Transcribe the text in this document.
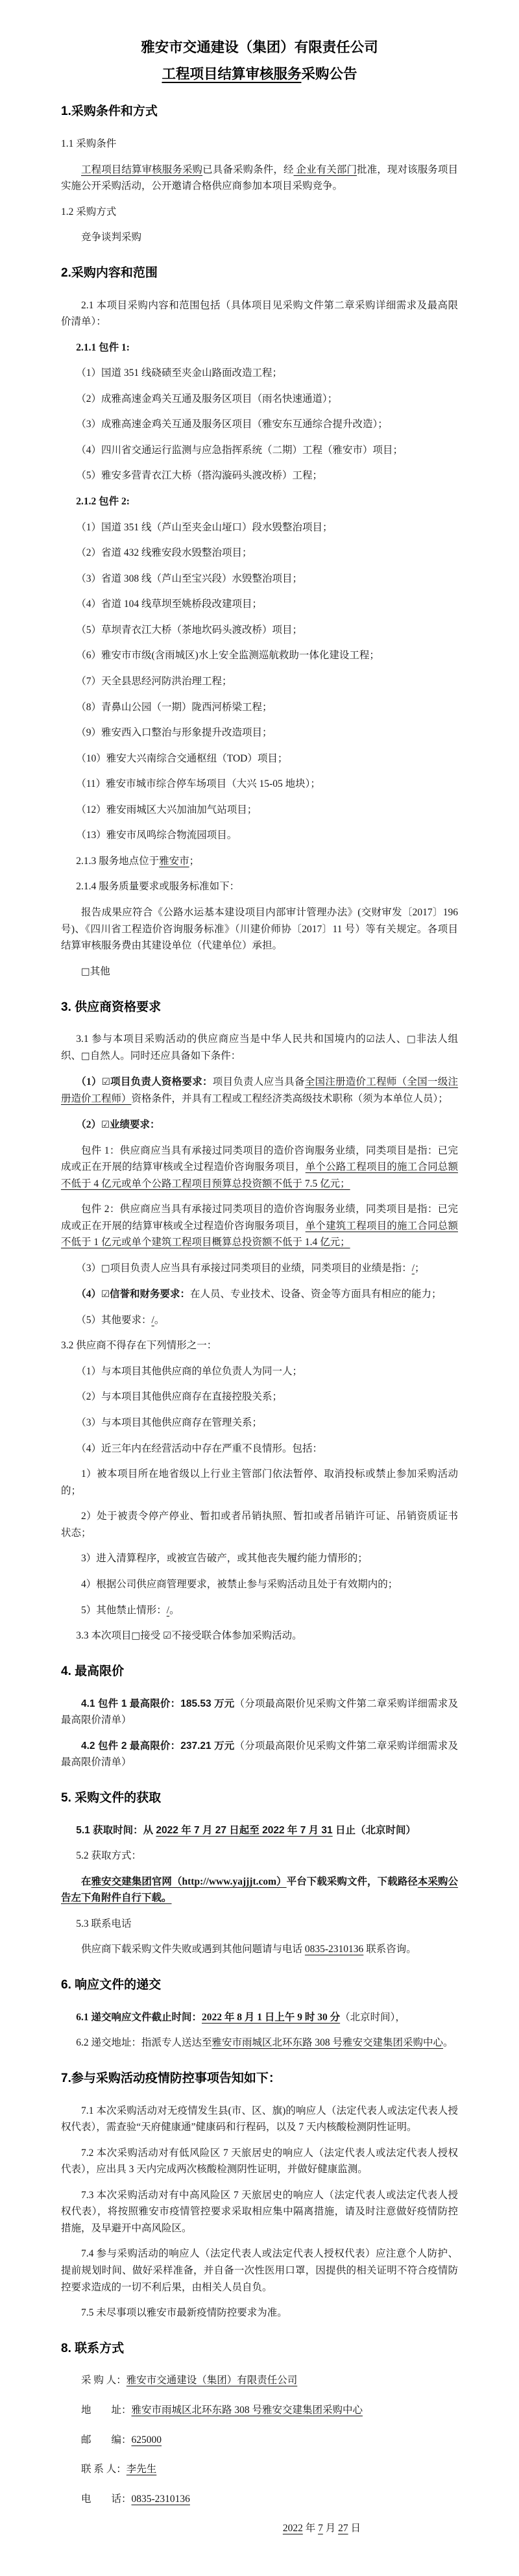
雅安市交通建设（集团）有限责任公司
工程项目结算审核服务采购公告
1.采购条件和方式

1.1 采购条件

工程项目结算审核服务采购已具备采购条件，经 企业有关部门批准，现对该服务项目实施公开采购活动，公开邀请合格供应商参加本项目采购竞争。

1.2 采购方式

竞争谈判采购

2.采购内容和范围

2.1 本项目采购内容和范围包括（具体项目见采购文件第二章采购详细需求及最高限价清单）：

2.1.1 包件 1:

（1）国道 351 线硗碛至夹金山路面改造工程；

（2）成雅高速金鸡关互通及服务区项目（雨名快速通道）；

（3）成雅高速金鸡关互通及服务区项目（雅安东互通综合提升改造）；

（4）四川省交通运行监测与应急指挥系统（二期）工程（雅安市）项目；

（5）雅安多营青衣江大桥（搭沟漩码头渡改桥）工程；

2.1.2 包件 2:

（1）国道 351 线（芦山至夹金山垭口）段水毁整治项目；

（2）省道 432 线雅安段水毁整治项目；

（3）省道 308 线（芦山至宝兴段）水毁整治项目；

（4）省道 104 线草坝至姚桥段改建项目；

（5）草坝青衣江大桥（茶地坎码头渡改桥）项目；

（6）雅安市市级(含雨城区)水上安全监测巡航救助一体化建设工程；

（7）天全县思经河防洪治理工程；

（8）青鼻山公园（一期）陇西河桥梁工程；

（9）雅安西入口整治与形象提升改造项目；

（10）雅安大兴南综合交通枢纽（TOD）项目；

（11）雅安市城市综合停车场项目（大兴 15-05 地块）；

（12）雅安雨城区大兴加油加气站项目；

（13）雅安市凤鸣综合物流园项目。

2.1.3 服务地点位于雅安市；

2.1.4 服务质量要求或服务标准如下：

报告成果应符合《公路水运基本建设项目内部审计管理办法》(交财审发〔2017〕196 号)、《四川省工程造价咨询服务标准》（川建价师协〔2017〕11 号）等有关规定。各项目结算审核服务费由其建设单位（代建单位）承担。

□其他

3. 供应商资格要求

3.1 参与本项目采购活动的供应商应当是中华人民共和国境内的☑法人、□非法人组织、□自然人。同时还应具备如下条件：

（1）☑项目负责人资格要求：项目负责人应当具备全国注册造价工程师（全国一级注册造价工程师）资格条件，并具有工程或工程经济类高级技术职称（须为本单位人员）；

（2）☑业绩要求：

包件 1：供应商应当具有承接过同类项目的造价咨询服务业绩，同类项目是指：已完成或正在开展的结算审核或全过程造价咨询服务项目，单个公路工程项目的施工合同总额不低于 4 亿元或单个公路工程项目预算总投资额不低于 7.5 亿元；

包件 2：供应商应当具有承接过同类项目的造价咨询服务业绩，同类项目是指：已完成或正在开展的结算审核或全过程造价咨询服务项目，单个建筑工程项目的施工合同总额不低于 1 亿元或单个建筑工程项目概算总投资额不低于 1.4 亿元；

（3）□项目负责人应当具有承接过同类项目的业绩，同类项目的业绩是指：/；

（4）☑信誉和财务要求：在人员、专业技术、设备、资金等方面具有相应的能力；

（5）其他要求：/。

3.2 供应商不得存在下列情形之一：

（1）与本项目其他供应商的单位负责人为同一人；

（2）与本项目其他供应商存在直接控股关系；

（3）与本项目其他供应商存在管理关系；

（4）近三年内在经营活动中存在严重不良情形。包括：

1）被本项目所在地省级以上行业主管部门依法暂停、取消投标或禁止参加采购活动的；

2）处于被责令停产停业、暂扣或者吊销执照、暂扣或者吊销许可证、吊销资质证书状态；

3）进入清算程序，或被宣告破产，或其他丧失履约能力情形的；

4）根据公司供应商管理要求，被禁止参与采购活动且处于有效期内的；

5）其他禁止情形：/。

3.3 本次项目□接受 ☑不接受联合体参加采购活动。

4. 最高限价

4.1 包件 1 最高限价：185.53 万元（分项最高限价见采购文件第二章采购详细需求及最高限价清单）

4.2 包件 2 最高限价：237.21 万元（分项最高限价见采购文件第二章采购详细需求及最高限价清单）

5. 采购文件的获取

5.1 获取时间：从 2022 年 7 月 27 日起至 2022 年 7 月 31 日止（北京时间）

5.2 获取方式：

在雅安交建集团官网（http://www.yajjjt.com）平台下载采购文件，下载路径本采购公告左下角附件自行下载。

5.3 联系电话

供应商下载采购文件失败或遇到其他问题请与电话 0835-2310136 联系咨询。

6. 响应文件的递交

6.1 递交响应文件截止时间：2022 年 8 月 1 日上午 9 时 30 分（北京时间），

6.2 递交地址：指派专人送达至雅安市雨城区北环东路 308 号雅安交建集团采购中心。

7.参与采购活动疫情防控事项告知如下：

7.1 本次采购活动对无疫情发生县(市、区、旗)的响应人（法定代表人或法定代表人授权代表），需查验“天府健康通”健康码和行程码，以及 7 天内核酸检测阴性证明。

7.2 本次采购活动对有低风险区 7 天旅居史的响应人（法定代表人或法定代表人授权代表），应出具 3 天内完成两次核酸检测阴性证明，并做好健康监测。

7.3 本次采购活动对有中高风险区 7 天旅居史的响应人（法定代表人或法定代表人授权代表），将按照雅安市疫情管控要求采取相应集中隔离措施，请及时注意做好疫情防控措施，及早避开中高风险区。

7.4 参与采购活动的响应人（法定代表人或法定代表人授权代表）应注意个人防护、提前规划时间、做好采样准备，并自备一次性医用口罩，因提供的相关证明不符合疫情防控要求造成的一切不利后果，由相关人员自负。

7.5 未尽事项以雅安市最新疫情防控要求为准。

8. 联系方式

采 购 人：雅安市交通建设（集团）有限责任公司

地　　址：雅安市雨城区北环东路 308 号雅安交建集团采购中心

邮　　编：625000

联 系 人：李先生

电　　话：0835-2310136

2022 年 7 月 27 日
